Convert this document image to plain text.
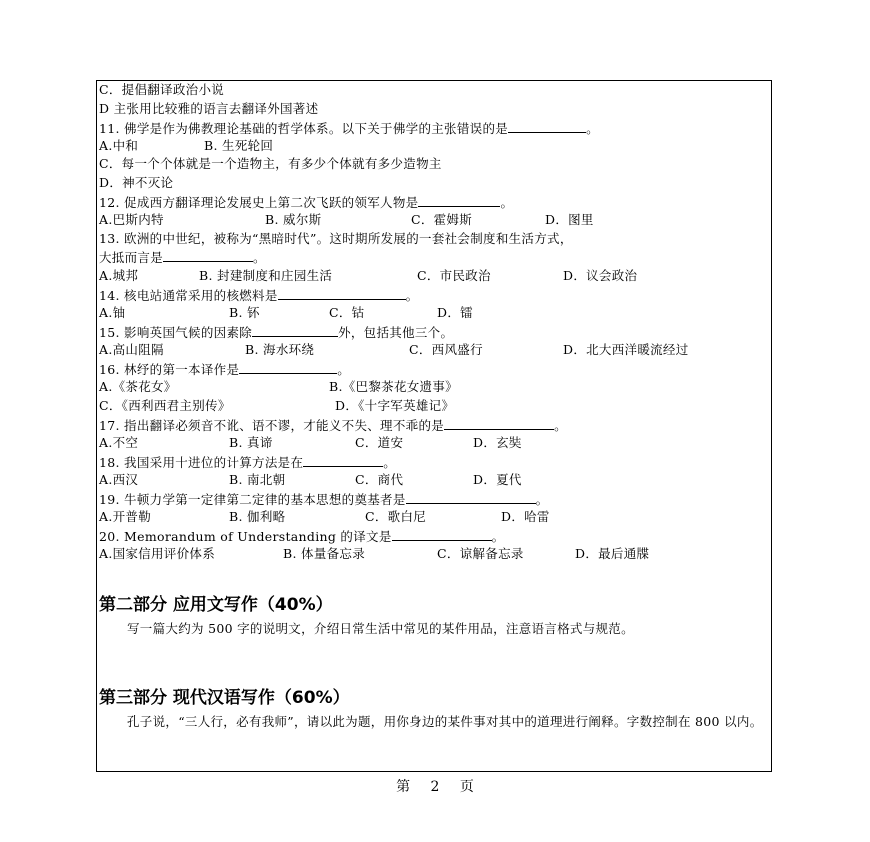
C．提倡翻译政治小说
D 主张用比较雅的语言去翻译外国著述
11. 佛学是作为佛教理论基础的哲学体系。以下关于佛学的主张错误的是	。
A.中和	B. 生死轮回
C．每一个个体就是一个造物主，有多少个体就有多少造物主
D．神不灭论
12. 促成西方翻译理论发展史上第二次飞跃的领军人物是	。
A.巴斯内特	B. 威尔斯	C．霍姆斯	D．图里
13. 欧洲的中世纪，被称为“黑暗时代”。这时期所发展的一套社会制度和生活方式，
大抵而言是	。
A.城邦	B. 封建制度和庄园生活	C．市民政治	D．议会政治
14. 核电站通常采用的核燃料是	。
A.铀	B. 钚	C．钴	D．镭
15. 影响英国气候的因素除	外，包括其他三个。
A.高山阻隔	B. 海水环绕	C．西风盛行	D．北大西洋暖流经过
16. 林纾的第一本译作是	。
A.《茶花女》	B.《巴黎茶花女遗事》
C．《西利西君主别传》	D．《十字军英雄记》
17. 指出翻译必须音不讹、语不谬，才能义不失、理不乖的是	。
A.不空	B. 真谛	C．道安	D．玄奘
18. 我国采用十进位的计算方法是在	。
A.西汉	B. 南北朝	C．商代	D．夏代
19. 牛顿力学第一定律第二定律的基本思想的奠基者是	。
A.开普勒	B. 伽利略	C．歌白尼	D．哈雷
20. Memorandum of Understanding 的译文是	。
A.国家信用评价体系	B. 体量备忘录	C．谅解备忘录	D．最后通牒
第二部分 应用文写作（40%）
写一篇大约为 500 字的说明文，介绍日常生活中常见的某件用品，注意语言格式与规范。
第三部分 现代汉语写作（60%）
孔子说，“三人行，必有我师”，请以此为题，用你身边的某件事对其中的道理进行阐释。字数控制在 800 以内。
第 2 页
